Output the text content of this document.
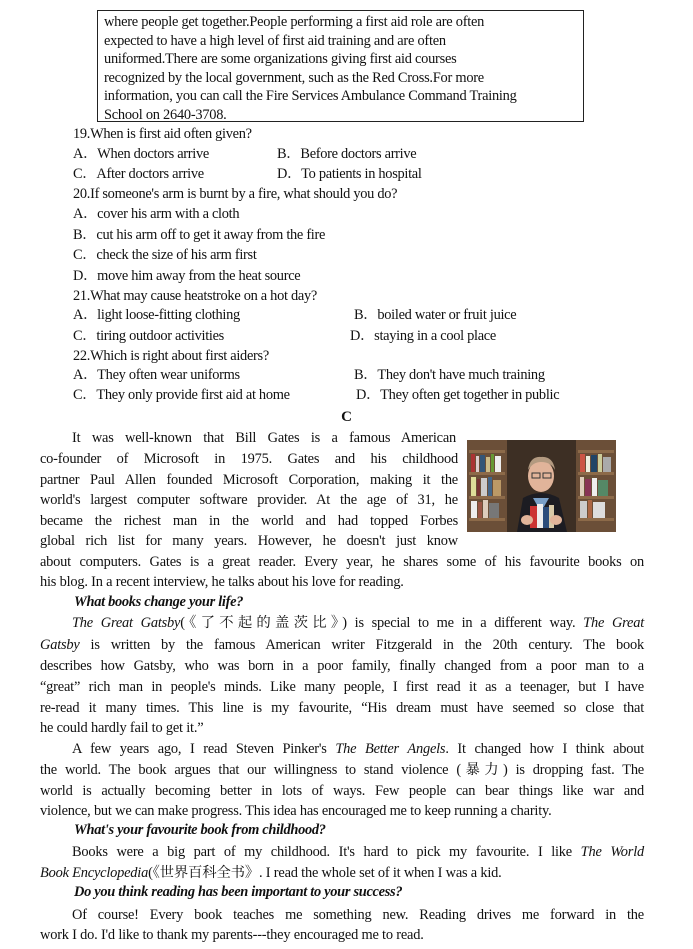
where people get together.People performing a first aid role are often
expected to have a high level of first aid training and are often
uniformed.There are some organizations giving first aid courses
recognized by the local government, such as the Red Cross.For more
information, you can call the Fire Services Ambulance Command Training
School on 2640-3708.
19.When is first aid often given?
A．When doctors arrive	B．Before doctors arrive
C．After doctors arrive	D．To patients in hospital
20.If someone's arm is burnt by a fire, what should you do?
A．cover his arm with a cloth
B．cut his arm off to get it away from the fire
C．check the size of his arm first
D．move him away from the heat source
21.What may cause heatstroke on a hot day?
A．light loose-fitting clothing	B．boiled water or fruit juice
C．tiring outdoor activities	D．staying in a cool place
22.Which is right about first aiders?
A．They often wear uniforms	B．They don't have much training
C．They only provide first aid at home	D．They often get together in public
C
It was well-known that Bill Gates is a famous American
co-founder of Microsoft in 1975. Gates and his childhood
partner Paul Allen founded Microsoft Corporation, making it the
world's largest computer software provider. At the age of 31, he
became the richest man in the world and had topped Forbes
global rich list for many years. However, he doesn't just know
about computers. Gates is a great reader. Every year, he shares some of his favourite books on
his blog. In a recent interview, he talks about his love for reading.
What books change your life?
The Great Gatsby(《了不起的盖茨比》) is special to me in a different way. The Great
Gatsby is written by the famous American writer Fitzgerald in the 20th century. The book
describes how Gatsby, who was born in a poor family, finally changed from a poor man to a
“great” rich man in people's minds. Like many people, I first read it as a teenager, but I have
re-read it many times. This line is my favourite, “His dream must have seemed so close that
he could hardly fail to get it.”
A few years ago, I read Steven Pinker's The Better Angels. It changed how I think about
the world. The book argues that our willingness to stand violence (暴力) is dropping fast. The
world is actually becoming better in lots of ways. Few people can bear things like war and
violence, but we can make progress. This idea has encouraged me to keep running a charity.
What's your favourite book from childhood?
Books were a big part of my childhood. It's hard to pick my favourite. I like The World
Book Encyclopedia(《世界百科全书》. I read the whole set of it when I was a kid.
Do you think reading has been important to your success?
Of course! Every book teaches me something new. Reading drives me forward in the
work I do. I'd like to thank my parents---they encouraged me to read.
